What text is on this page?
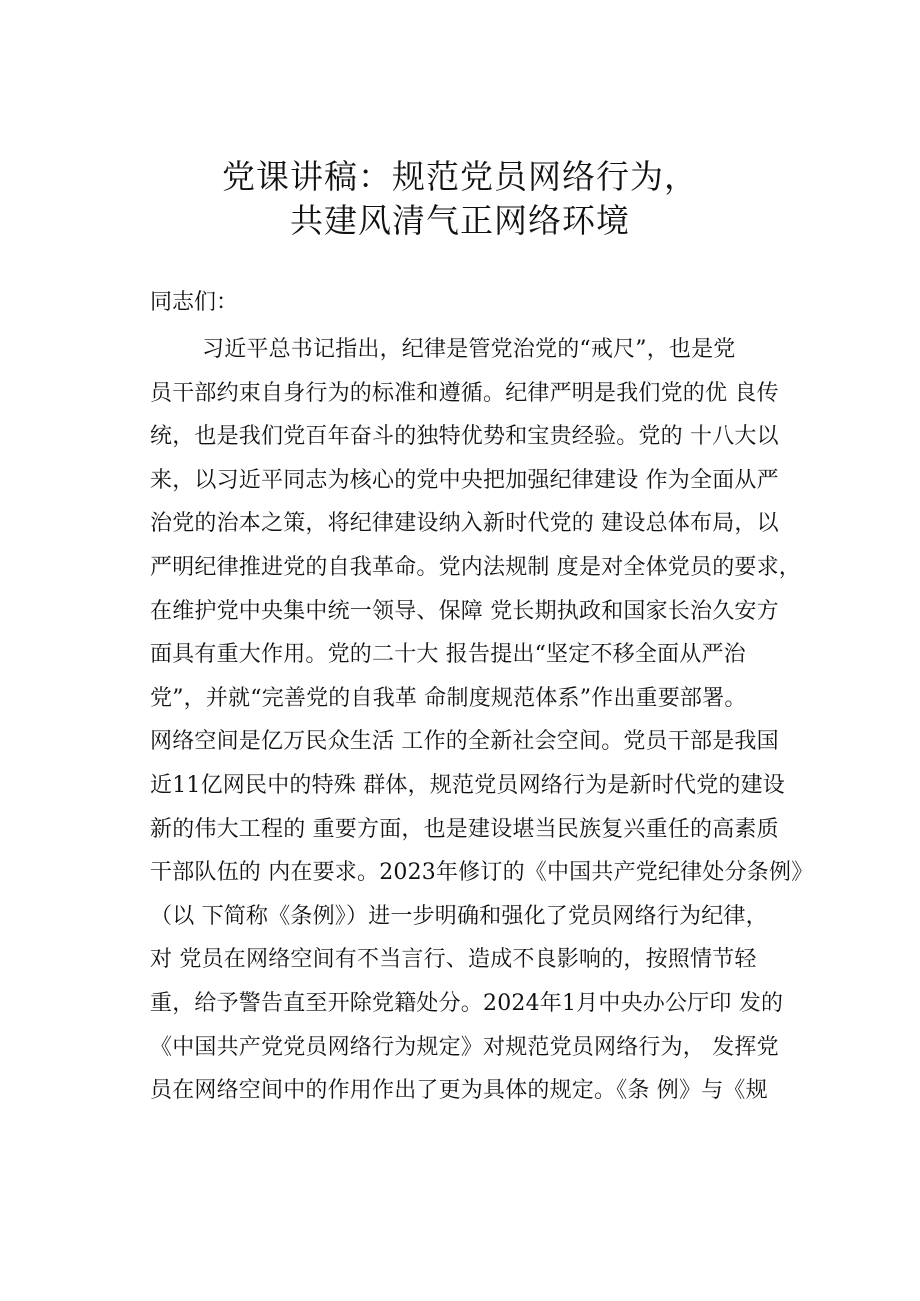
党课讲稿：规范党员网络行为，
共建风清气正网络环境
同志们：
习近平总书记指出，纪律是管党治党的“戒尺”，也是党
员干部约束自身行为的标准和遵循。纪律严明是我们党的优 良传
统，也是我们党百年奋斗的独特优势和宝贵经验。党的 十八大以
来，以习近平同志为核心的党中央把加强纪律建设 作为全面从严
治党的治本之策，将纪律建设纳入新时代党的 建设总体布局，以
严明纪律推进党的自我革命。党内法规制 度是对全体党员的要求，
在维护党中央集中统一领导、保障 党长期执政和国家长治久安方
面具有重大作用。党的二十大 报告提出“坚定不移全面从严治
党”，并就“完善党的自我革 命制度规范体系”作出重要部署。
网络空间是亿万民众生活 工作的全新社会空间。党员干部是我国
近11亿网民中的特殊 群体，规范党员网络行为是新时代党的建设
新的伟大工程的 重要方面，也是建设堪当民族复兴重任的高素质
干部队伍的 内在要求。2023年修订的《中国共产党纪律处分条例》
（以 下简称《条例》）进一步明确和强化了党员网络行为纪律，
对 党员在网络空间有不当言行、造成不良影响的，按照情节轻
重，给予警告直至开除党籍处分。2024年1月中央办公厅印 发的
《中国共产党党员网络行为规定》对规范党员网络行为， 发挥党
员在网络空间中的作用作出了更为具体的规定。《条 例》与《规
